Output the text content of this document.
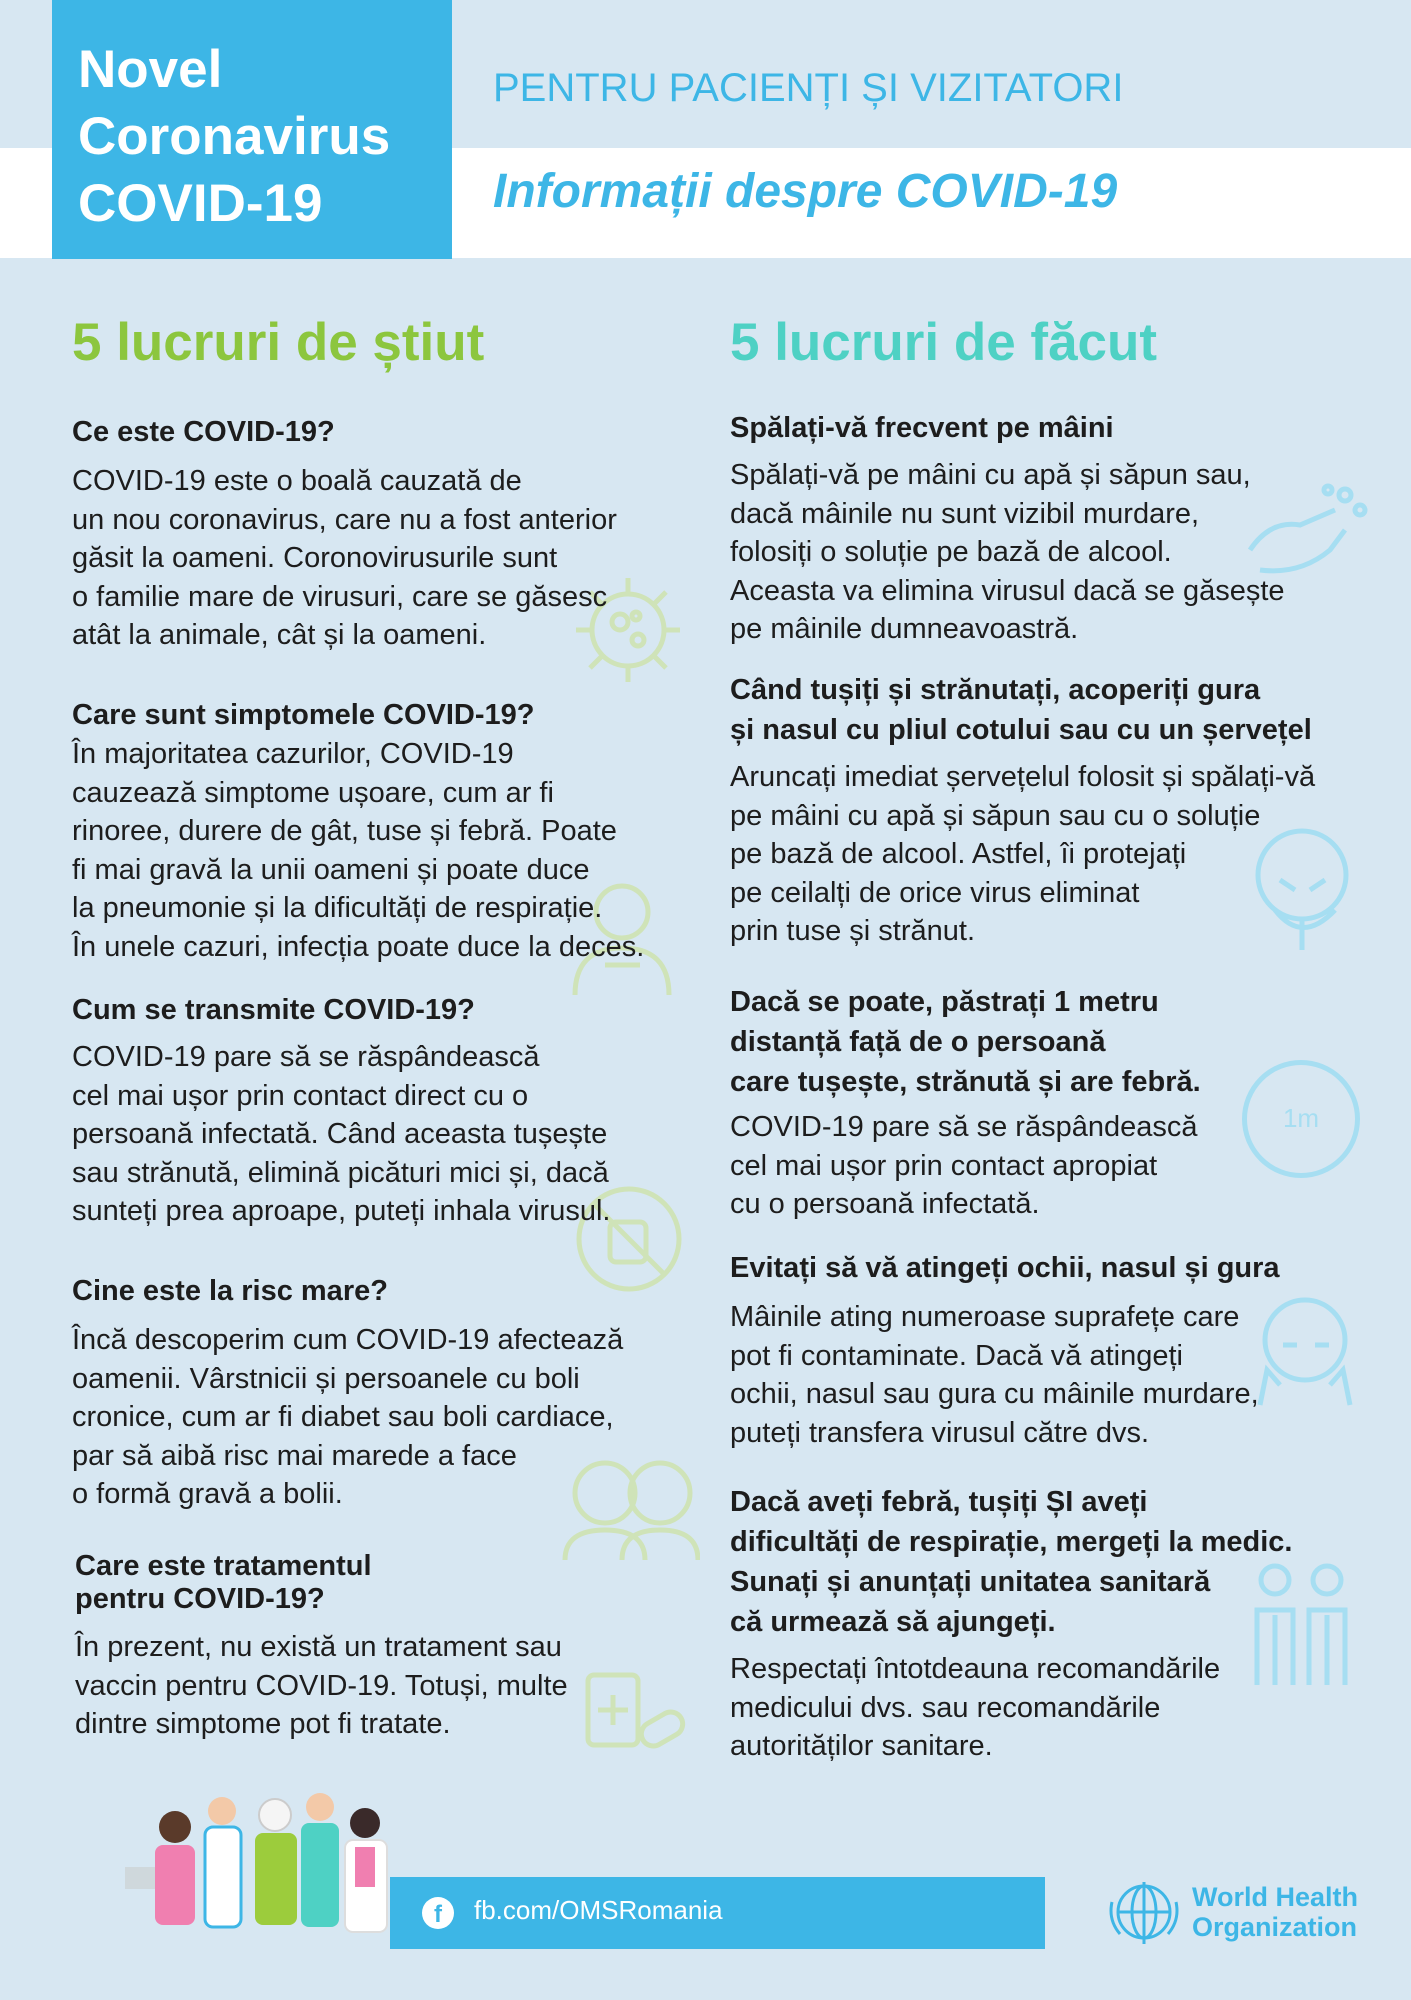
Novel
Coronavirus
COVID-19
PENTRU PACIENȚI ȘI VIZITATORI
Informații despre COVID-19
5 lucruri de știut	5 lucruri de făcut
1m
Ce este COVID-19?

COVID-19 este o boală cauzată de

un nou coronavirus, care nu a fost anterior

găsit la oameni. Coronovirusurile sunt

o familie mare de virusuri, care se găsesc

atât la animale, cât și la oameni.

Care sunt simptomele COVID-19?

În majoritatea cazurilor, COVID-19

cauzează simptome ușoare, cum ar fi

rinoree, durere de gât, tuse și febră. Poate

fi mai gravă la unii oameni și poate duce

la pneumonie și la dificultăți de respirație.

În unele cazuri, infecția poate duce la deces.

Cum se transmite COVID-19?

COVID-19 pare să se răspândească

cel mai ușor prin contact direct cu o

persoană infectată. Când aceasta tușește

sau strănută, elimină picături mici și, dacă

sunteți prea aproape, puteți inhala virusul.

Cine este la risc mare?

Încă descoperim cum COVID-19 afectează

oamenii. Vârstnicii și persoanele cu boli

cronice, cum ar fi diabet sau boli cardiace,

par să aibă risc mai marede a face

o formă gravă a bolii.

Care este tratamentul
pentru COVID-19?

În prezent, nu există un tratament sau

vaccin pentru COVID-19. Totuși, multe

dintre simptome pot fi tratate.

Spălați-vă frecvent pe mâini

Spălați-vă pe mâini cu apă și săpun sau,

dacă mâinile nu sunt vizibil murdare,

folosiți o soluție pe bază de alcool.

Aceasta va elimina virusul dacă se găsește

pe mâinile dumneavoastră.

Când tușiți și strănutați, acoperiți gura
și nasul cu pliul cotului sau cu un șervețel

Aruncați imediat șervețelul folosit și spălați-vă

pe mâini cu apă și săpun sau cu o soluție

pe bază de alcool. Astfel, îi protejați

pe ceilalți de orice virus eliminat

prin tuse și strănut.

Dacă se poate, păstrați 1 metru
distanță față de o persoană
care tușește, strănută și are febră.

COVID-19 pare să se răspândească

cel mai ușor prin contact apropiat

cu o persoană infectată.

Evitați să vă atingeți ochii, nasul și gura

Mâinile ating numeroase suprafețe care

pot fi contaminate. Dacă vă atingeți

ochii, nasul sau gura cu mâinile murdare,

puteți transfera virusul către dvs.

Dacă aveți febră, tușiți ȘI aveți
dificultăți de respirație, mergeți la medic.
Sunați și anunțați unitatea sanitară
că urmează să ajungeți.

Respectați întotdeauna recomandările

medicului dvs. sau recomandările

autorităților sanitare.

f	fb.com/OMSRomania	World Health
Organization
